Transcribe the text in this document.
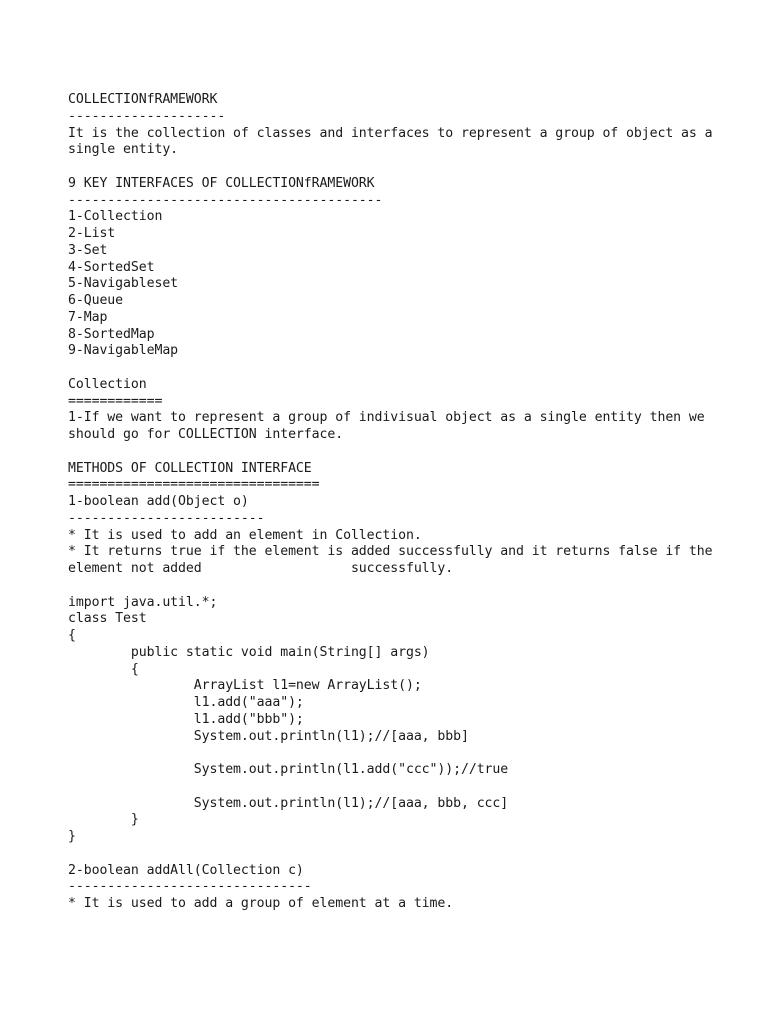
COLLECTIONfRAMEWORK
--------------------
It is the collection of classes and interfaces to represent a group of object as a
single entity.
9 KEY INTERFACES OF COLLECTIONfRAMEWORK
----------------------------------------
1-Collection
2-List
3-Set
4-SortedSet
5-Navigableset
6-Queue
7-Map
8-SortedMap
9-NavigableMap
Collection
============
1-If we want to represent a group of indivisual object as a single entity then we
should go for COLLECTION interface.
METHODS OF COLLECTION INTERFACE
================================
1-boolean add(Object o)
-------------------------
* It is used to add an element in Collection.
* It returns true if the element is added successfully and it returns false if the
element not added                   successfully.
import java.util.*;
class Test
{
public static void main(String[] args)
{
ArrayList l1=new ArrayList();
l1.add("aaa");
l1.add("bbb");
System.out.println(l1);//[aaa, bbb]
System.out.println(l1.add("ccc"));//true
System.out.println(l1);//[aaa, bbb, ccc]
}
}
2-boolean addAll(Collection c)
-------------------------------
* It is used to add a group of element at a time.
